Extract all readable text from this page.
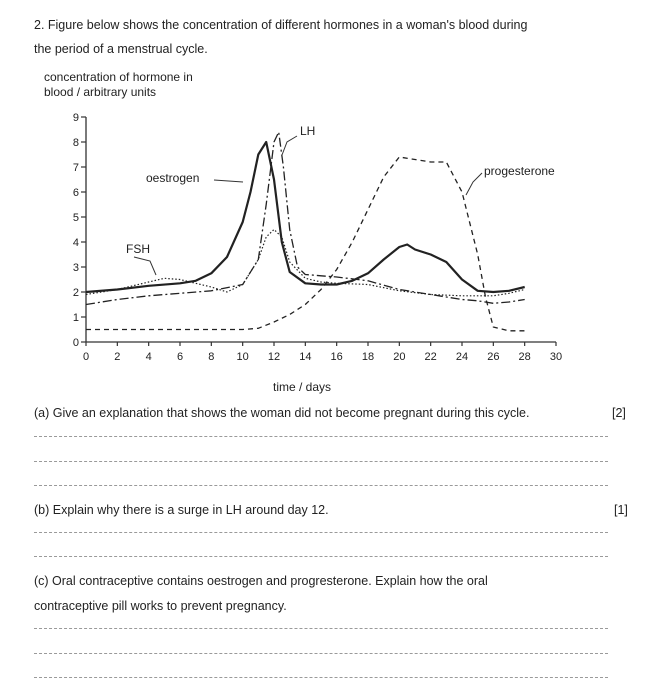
2. Figure below shows the concentration of different hormones in a woman's blood during
the period of a menstrual cycle.
concentration of hormone in
blood / arbitrary units
0
1
2
3
4
5
6
7
8
9
0 2 4 6 8 10 12 14 16 18 20 22 24 26 28 30
oestrogen
LH
FSH
progesterone
time / days
(a) Give an explanation that shows the woman did not become pregnant during this cycle.	[2]
(b) Explain why there is a surge in LH around day 12.	[1]
(c) Oral contraceptive contains oestrogen and progresterone. Explain how the oral
contraceptive pill works to prevent pregnancy.
